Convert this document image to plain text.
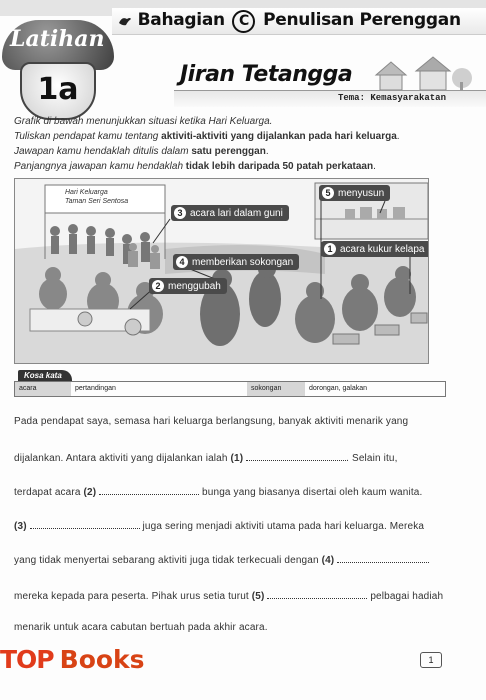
Bahagian C Penulisan Perenggan
Latihan
1a	Jiran Tetangga
Tema: Kemasyarakatan
Grafik di bawah menunjukkan situasi ketika Hari Keluarga.
Tuliskan pendapat kamu tentang aktiviti-aktiviti yang dijalankan pada hari keluarga.
Jawapan kamu hendaklah ditulis dalam satu perenggan.
Panjangnya jawapan kamu hendaklah tidak lebih daripada 50 patah perkataan.
Hari Keluarga
Taman Seri Sentosa
3 acara lari dalam guni
4 memberikan sokongan
2 menggubah
5 menyusun
1 acara kukur kelapa
Kosa kata
acara	pertandingan	sokongan	dorongan, galakan
Pada pendapat saya, semasa hari keluarga berlangsung, banyak aktiviti menarik yang
dijalankan. Antara aktiviti yang dijalankan ialah (1)	. Selain itu,
terdapat acara (2)	bunga yang biasanya disertai oleh kaum wanita.
(3)	juga sering menjadi aktiviti utama pada hari keluarga. Mereka
yang tidak menyertai sebarang aktiviti juga tidak terkecuali dengan (4)
mereka kepada para peserta. Pihak urus setia turut (5)	pelbagai hadiah
menarik untuk acara cabutan bertuah pada akhir acara.
TOP Books	1
